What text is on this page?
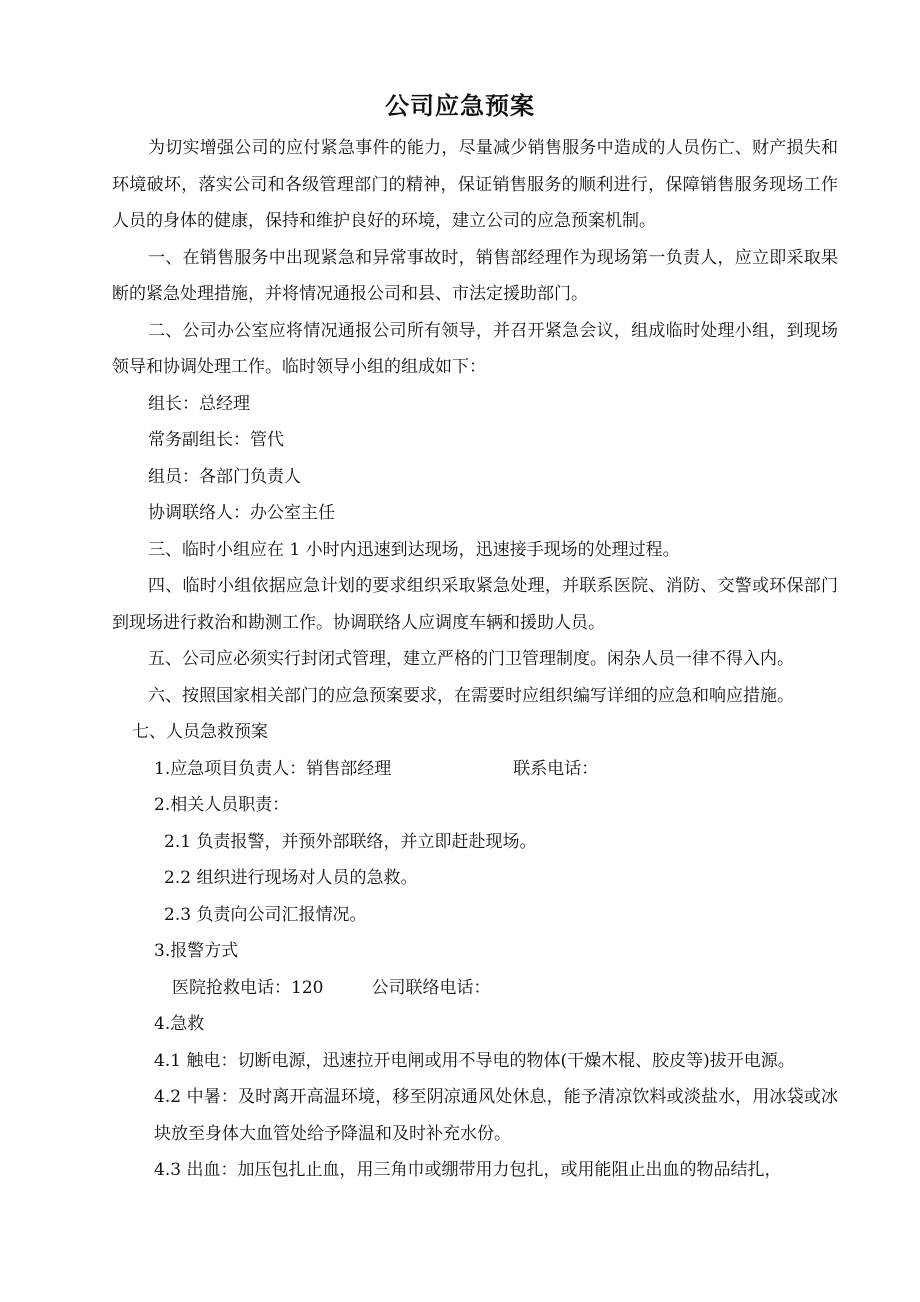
公司应急预案

为切实增强公司的应付紧急事件的能力，尽量减少销售服务中造成的人员伤亡、财产损失和环境破坏，落实公司和各级管理部门的精神，保证销售服务的顺利进行，保障销售服务现场工作人员的身体的健康，保持和维护良好的环境，建立公司的应急预案机制。

一、在销售服务中出现紧急和异常事故时，销售部经理作为现场第一负责人，应立即采取果断的紧急处理措施，并将情况通报公司和县、市法定援助部门。

二、公司办公室应将情况通报公司所有领导，并召开紧急会议，组成临时处理小组，到现场领导和协调处理工作。临时领导小组的组成如下：

组长：总经理

常务副组长：管代

组员：各部门负责人

协调联络人：办公室主任

三、临时小组应在 1 小时内迅速到达现场，迅速接手现场的处理过程。

四、临时小组依据应急计划的要求组织采取紧急处理，并联系医院、消防、交警或环保部门到现场进行救治和勘测工作。协调联络人应调度车辆和援助人员。

五、公司应必须实行封闭式管理，建立严格的门卫管理制度。闲杂人员一律不得入内。

六、按照国家相关部门的应急预案要求，在需要时应组织编写详细的应急和响应措施。

七、人员急救预案

1.应急项目负责人：销售部经理	联系电话：

2.相关人员职责：

2.1 负责报警，并预外部联络，并立即赶赴现场。

2.2 组织进行现场对人员的急救。

2.3 负责向公司汇报情况。

3.报警方式

医院抢救电话：120	公司联络电话：

4.急救

4.1 触电：切断电源，迅速拉开电闸或用不导电的物体(干燥木棍、胶皮等)拔开电源。

4.2 中暑：及时离开高温环境，移至阴凉通风处休息，能予清凉饮料或淡盐水，用冰袋或冰块放至身体大血管处给予降温和及时补充水份。

4.3 出血：加压包扎止血，用三角巾或绷带用力包扎，或用能阻止出血的物品结扎，
